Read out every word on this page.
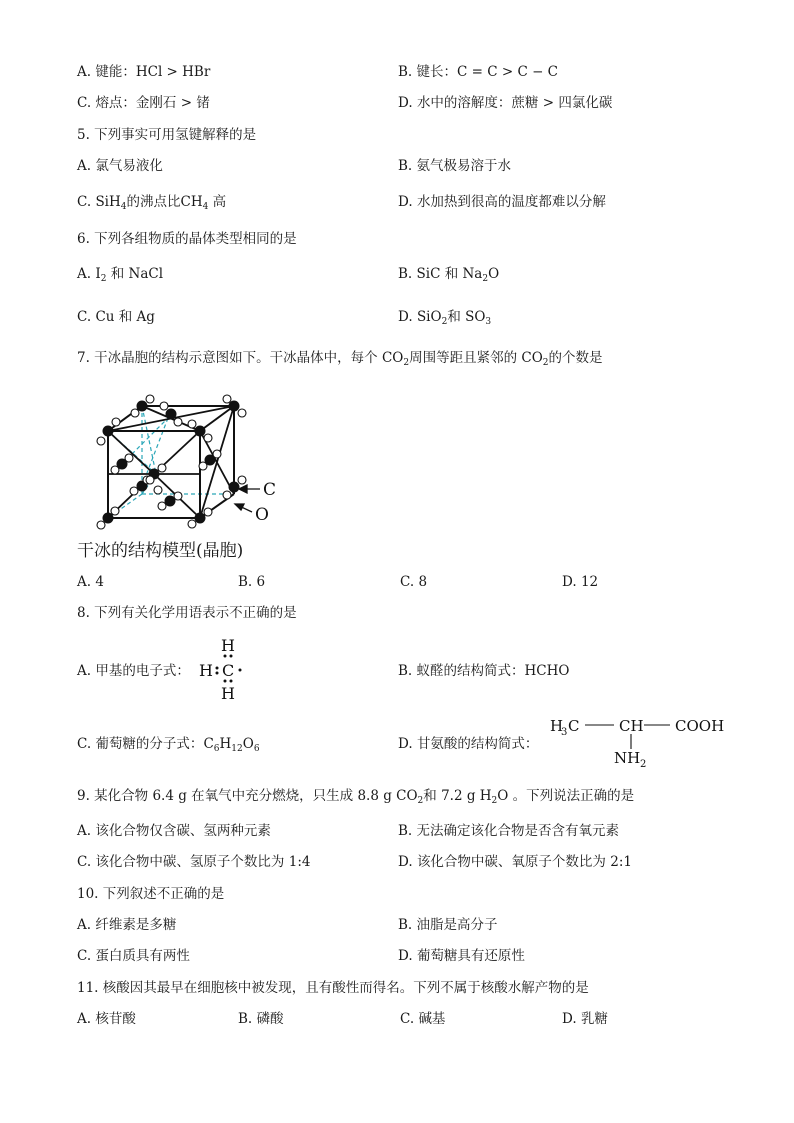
A. 键能：HCl > HBr	B. 键长：C = C > C − C
C. 熔点：金刚石 > 锗	D. 水中的溶解度：蔗糖 > 四氯化碳
5. 下列事实可用氢键解释的是
A. 氯气易液化	B. 氨气极易溶于水
C. SiH$_4$的沸点比$CH_4$ 高	D. 水加热到很高的温度都难以分解
6. 下列各组物质的晶体类型相同的是
A. $I_2$ 和 NaCl	B. SiC 和 $Na_2O$
C. Cu 和 Ag	D. SiO$_2$和 $SO_3$
7. 干冰晶胞的结构示意图如下。干冰晶体中，每个 $CO_2$周围等距且紧邻的 $CO_2$的个数是
C
O
干冰的结构模型(晶胞)
A. 4	B. 6	C. 8	D. 12
8. 下列有关化学用语表示不正确的是
A. 甲基的电子式：
H
H C
H
B. 蚁醛的结构简式：HCHO
C. 葡萄糖的分子式：$C_6H_{12}O_6$	D. 甘氨酸的结构简式：
H
3 C	CH COOH
NH 2
9. 某化合物 6.4 g 在氧气中充分燃烧，只生成 8.8 g $CO_2$和 7.2 g $H_2O$ 。下列说法正确的是
A. 该化合物仅含碳、氢两种元素	B. 无法确定该化合物是否含有氧元素
C. 该化合物中碳、氢原子个数比为 1:4	D. 该化合物中碳、氧原子个数比为 2:1
10. 下列叙述不正确的是
A. 纤维素是多糖	B. 油脂是高分子
C. 蛋白质具有两性	D. 葡萄糖具有还原性
11. 核酸因其最早在细胞核中被发现，且有酸性而得名。下列不属于核酸水解产物的是
A. 核苷酸	B. 磷酸	C. 碱基	D. 乳糖
